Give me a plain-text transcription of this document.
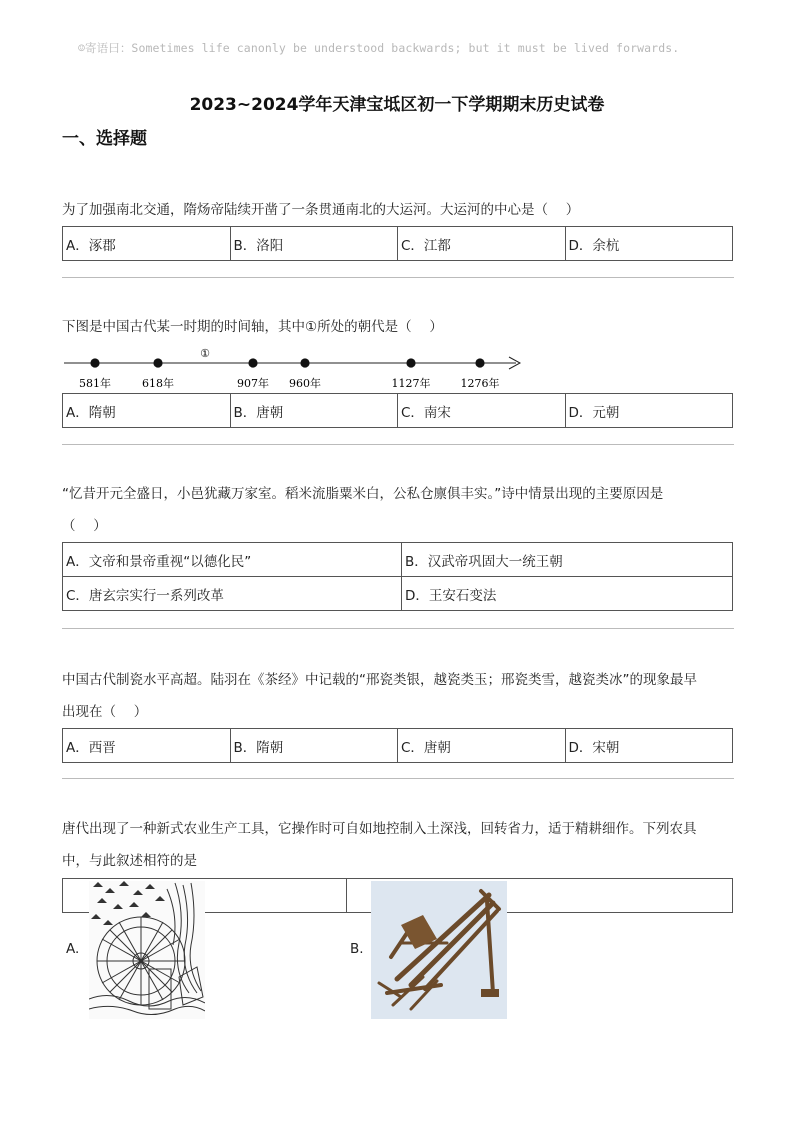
☺寄语曰：Sometimes life canonly be understood backwards; but it must be lived forwards.
2023~2024学年天津宝坻区初一下学期期末历史试卷
一、选择题
为了加强南北交通，隋炀帝陆续开凿了一条贯通南北的大运河。大运河的中心是（　 ）
A．涿郡	B．洛阳	C．江都	D．余杭
下图是中国古代某一时期的时间轴，其中①所处的朝代是（　 ）
①
581年	618年	907年 960年	1127年	1276年
A．隋朝	B．唐朝	C．南宋	D．元朝
“忆昔开元全盛日，小邑犹藏万家室。稻米流脂粟米白，公私仓廪俱丰实。”诗中情景出现的主要原因是
（　 ）
A．文帝和景帝重视“以德化民”	B．汉武帝巩固大一统王朝
C．唐玄宗实行一系列改革	D．王安石变法
中国古代制瓷水平高超。陆羽在《茶经》中记载的“邢瓷类银，越瓷类玉；邢瓷类雪，越瓷类冰”的现象最早
出现在（　 ）
A．西晋	B．隋朝	C．唐朝	D．宋朝
唐代出现了一种新式农业生产工具，它操作时可自如地控制入土深浅，回转省力，适于精耕细作。下列农具
中，与此叙述相符的是
A.	B.
